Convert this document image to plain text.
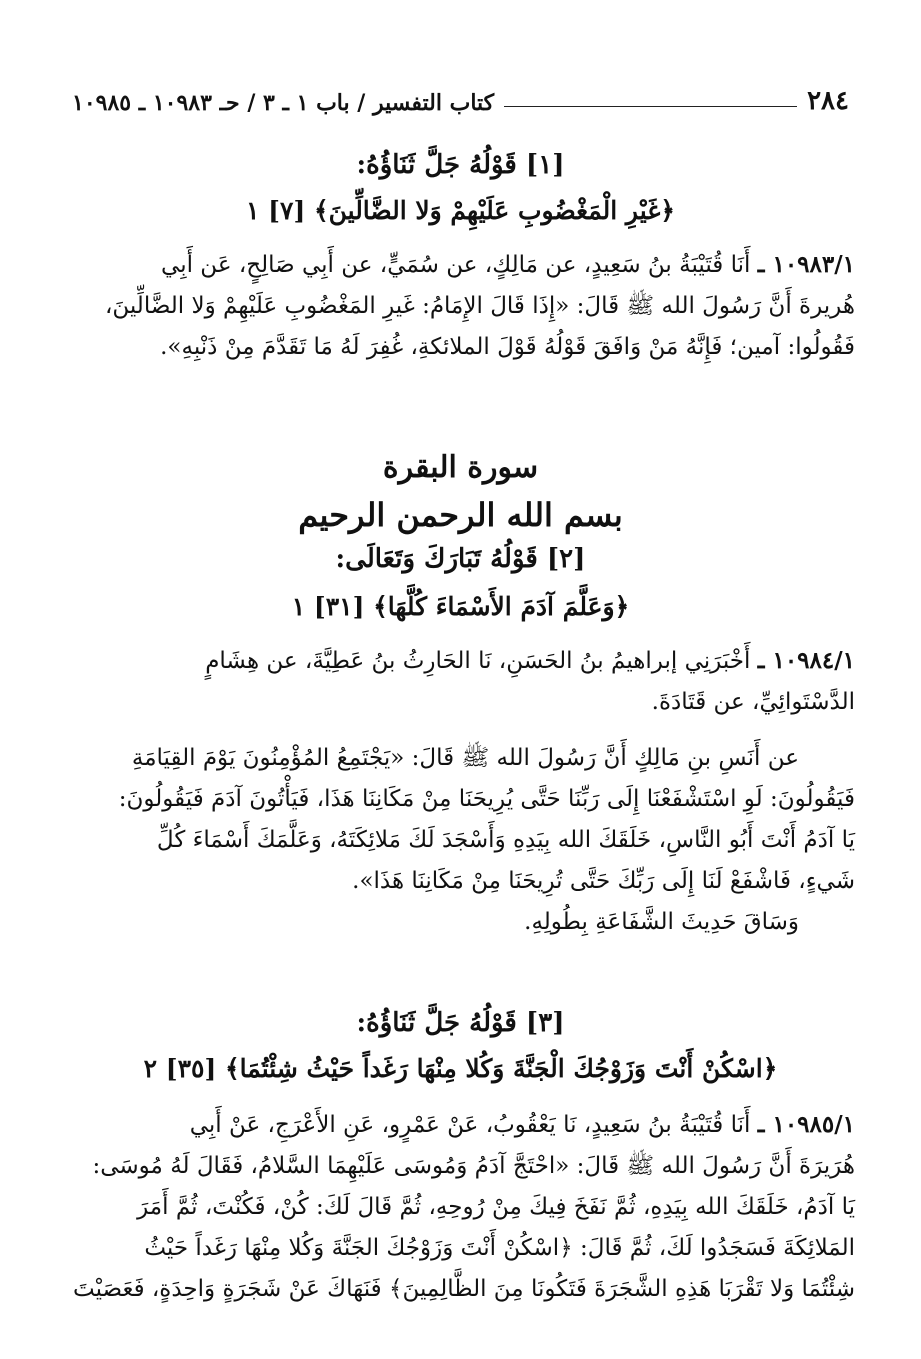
٢٨٤
كتاب التفسير / باب ١ ـ ٣ / حـ ١٠٩٨٣ ـ ١٠٩٨٥
[١] قَوْلُهُ جَلَّ ثَنَاؤُهُ:
﴿غَيْرِ الْمَغْضُوبِ عَلَيْهِمْ وَلا الضَّالِّينَ﴾ [٧] ١

١٠٩٨٣/١ ـ أَنَا قُتَيْبَةُ بنُ سَعِيدٍ، عن مَالِكٍ، عن سُمَيٍّ، عن أَبِي صَالِحٍ، عَن أَبِي

هُريرةَ أَنَّ رَسُولَ الله ﷺ قَالَ: «إِذَا قَالَ الإِمَامُ: غَيرِ المَغْضُوبِ عَلَيْهِمْ وَلا الضَّالِّينَ،

فَقُولُوا: آمين؛ فَإِنَّهُ مَنْ وَافَقَ قَوْلُهُ قَوْلَ الملائكةِ، غُفِرَ لَهُ مَا تَقَدَّمَ مِنْ ذَنْبِهِ».

سورة البقرة
بسم الله الرحمن الرحيم
[٢] قَوْلُهُ تَبَارَكَ وَتَعَالَى:
﴿وَعَلَّمَ آدَمَ الأَسْمَاءَ كُلَّهَا﴾ [٣١] ١

١٠٩٨٤/١ ـ أَخْبَرَنِي إبراهيمُ بنُ الحَسَنِ، نَا الحَارِثُ بنُ عَطِيَّةَ، عن هِشَامٍ

الدَّسْتَوائِيِّ، عن قَتَادَةَ.

عن أَنَسِ بنِ مَالِكٍ أَنَّ رَسُولَ الله ﷺ قَالَ: «يَجْتَمِعُ المُؤْمِنُونَ يَوْمَ القِيَامَةِ

فَيَقُولُونَ: لَوِ اسْتَشْفَعْنَا إِلَى رَبِّنَا حَتَّى يُرِيحَنَا مِنْ مَكَانِنَا هَذَا، فَيَأْتُونَ آدَمَ فَيَقُولُونَ:

يَا آدَمُ أَنْتَ أَبُو النَّاسِ، خَلَقَكَ الله بِيَدِهِ وَأَسْجَدَ لَكَ مَلائِكَتَهُ، وَعَلَّمَكَ أَسْمَاءَ كُلِّ

شَيءٍ، فَاشْفَعْ لَنَا إِلَى رَبِّكَ حَتَّى تُرِيحَنَا مِنْ مَكَانِنَا هَذَا».

وَسَاقَ حَدِيثَ الشَّفَاعَةِ بِطُولِهِ.

[٣] قَوْلُهُ جَلَّ ثَنَاؤُهُ:
﴿اسْكُنْ أَنْتَ وَزَوْجُكَ الْجَنَّةَ وَكُلا مِنْهَا رَغَداً حَيْثُ شِئْتُمَا﴾ [٣٥] ٢

١٠٩٨٥/١ ـ أَنَا قُتَيْبَةُ بنُ سَعِيدٍ، نَا يَعْقُوبُ، عَنْ عَمْرٍو، عَنِ الأَعْرَجِ، عَنْ أَبِي

هُرَيرَةَ أَنَّ رَسُولَ الله ﷺ قَالَ: «احْتَجَّ آدَمُ وَمُوسَى عَلَيْهِمَا السَّلامُ، فَقَالَ لَهُ مُوسَى:

يَا آدَمُ، خَلَقَكَ الله بِيَدِهِ، ثُمَّ نَفَخَ فِيكَ مِنْ رُوحِهِ، ثُمَّ قَالَ لَكَ: كُنْ، فَكُنْتَ، ثُمَّ أَمَرَ

المَلائِكَةَ فَسَجَدُوا لَكَ، ثُمَّ قَالَ: ﴿اسْكُنْ أَنْتَ وَزَوْجُكَ الجَنَّةَ وَكُلا مِنْهَا رَغَداً حَيْثُ

شِئْتُمَا وَلا تَقْرَبَا هَذِهِ الشَّجَرَةَ فَتَكُونَا مِنَ الظَّالِمِينَ﴾ فَنَهَاكَ عَنْ شَجَرَةٍ وَاحِدَةٍ، فَعَصَيْتَ
